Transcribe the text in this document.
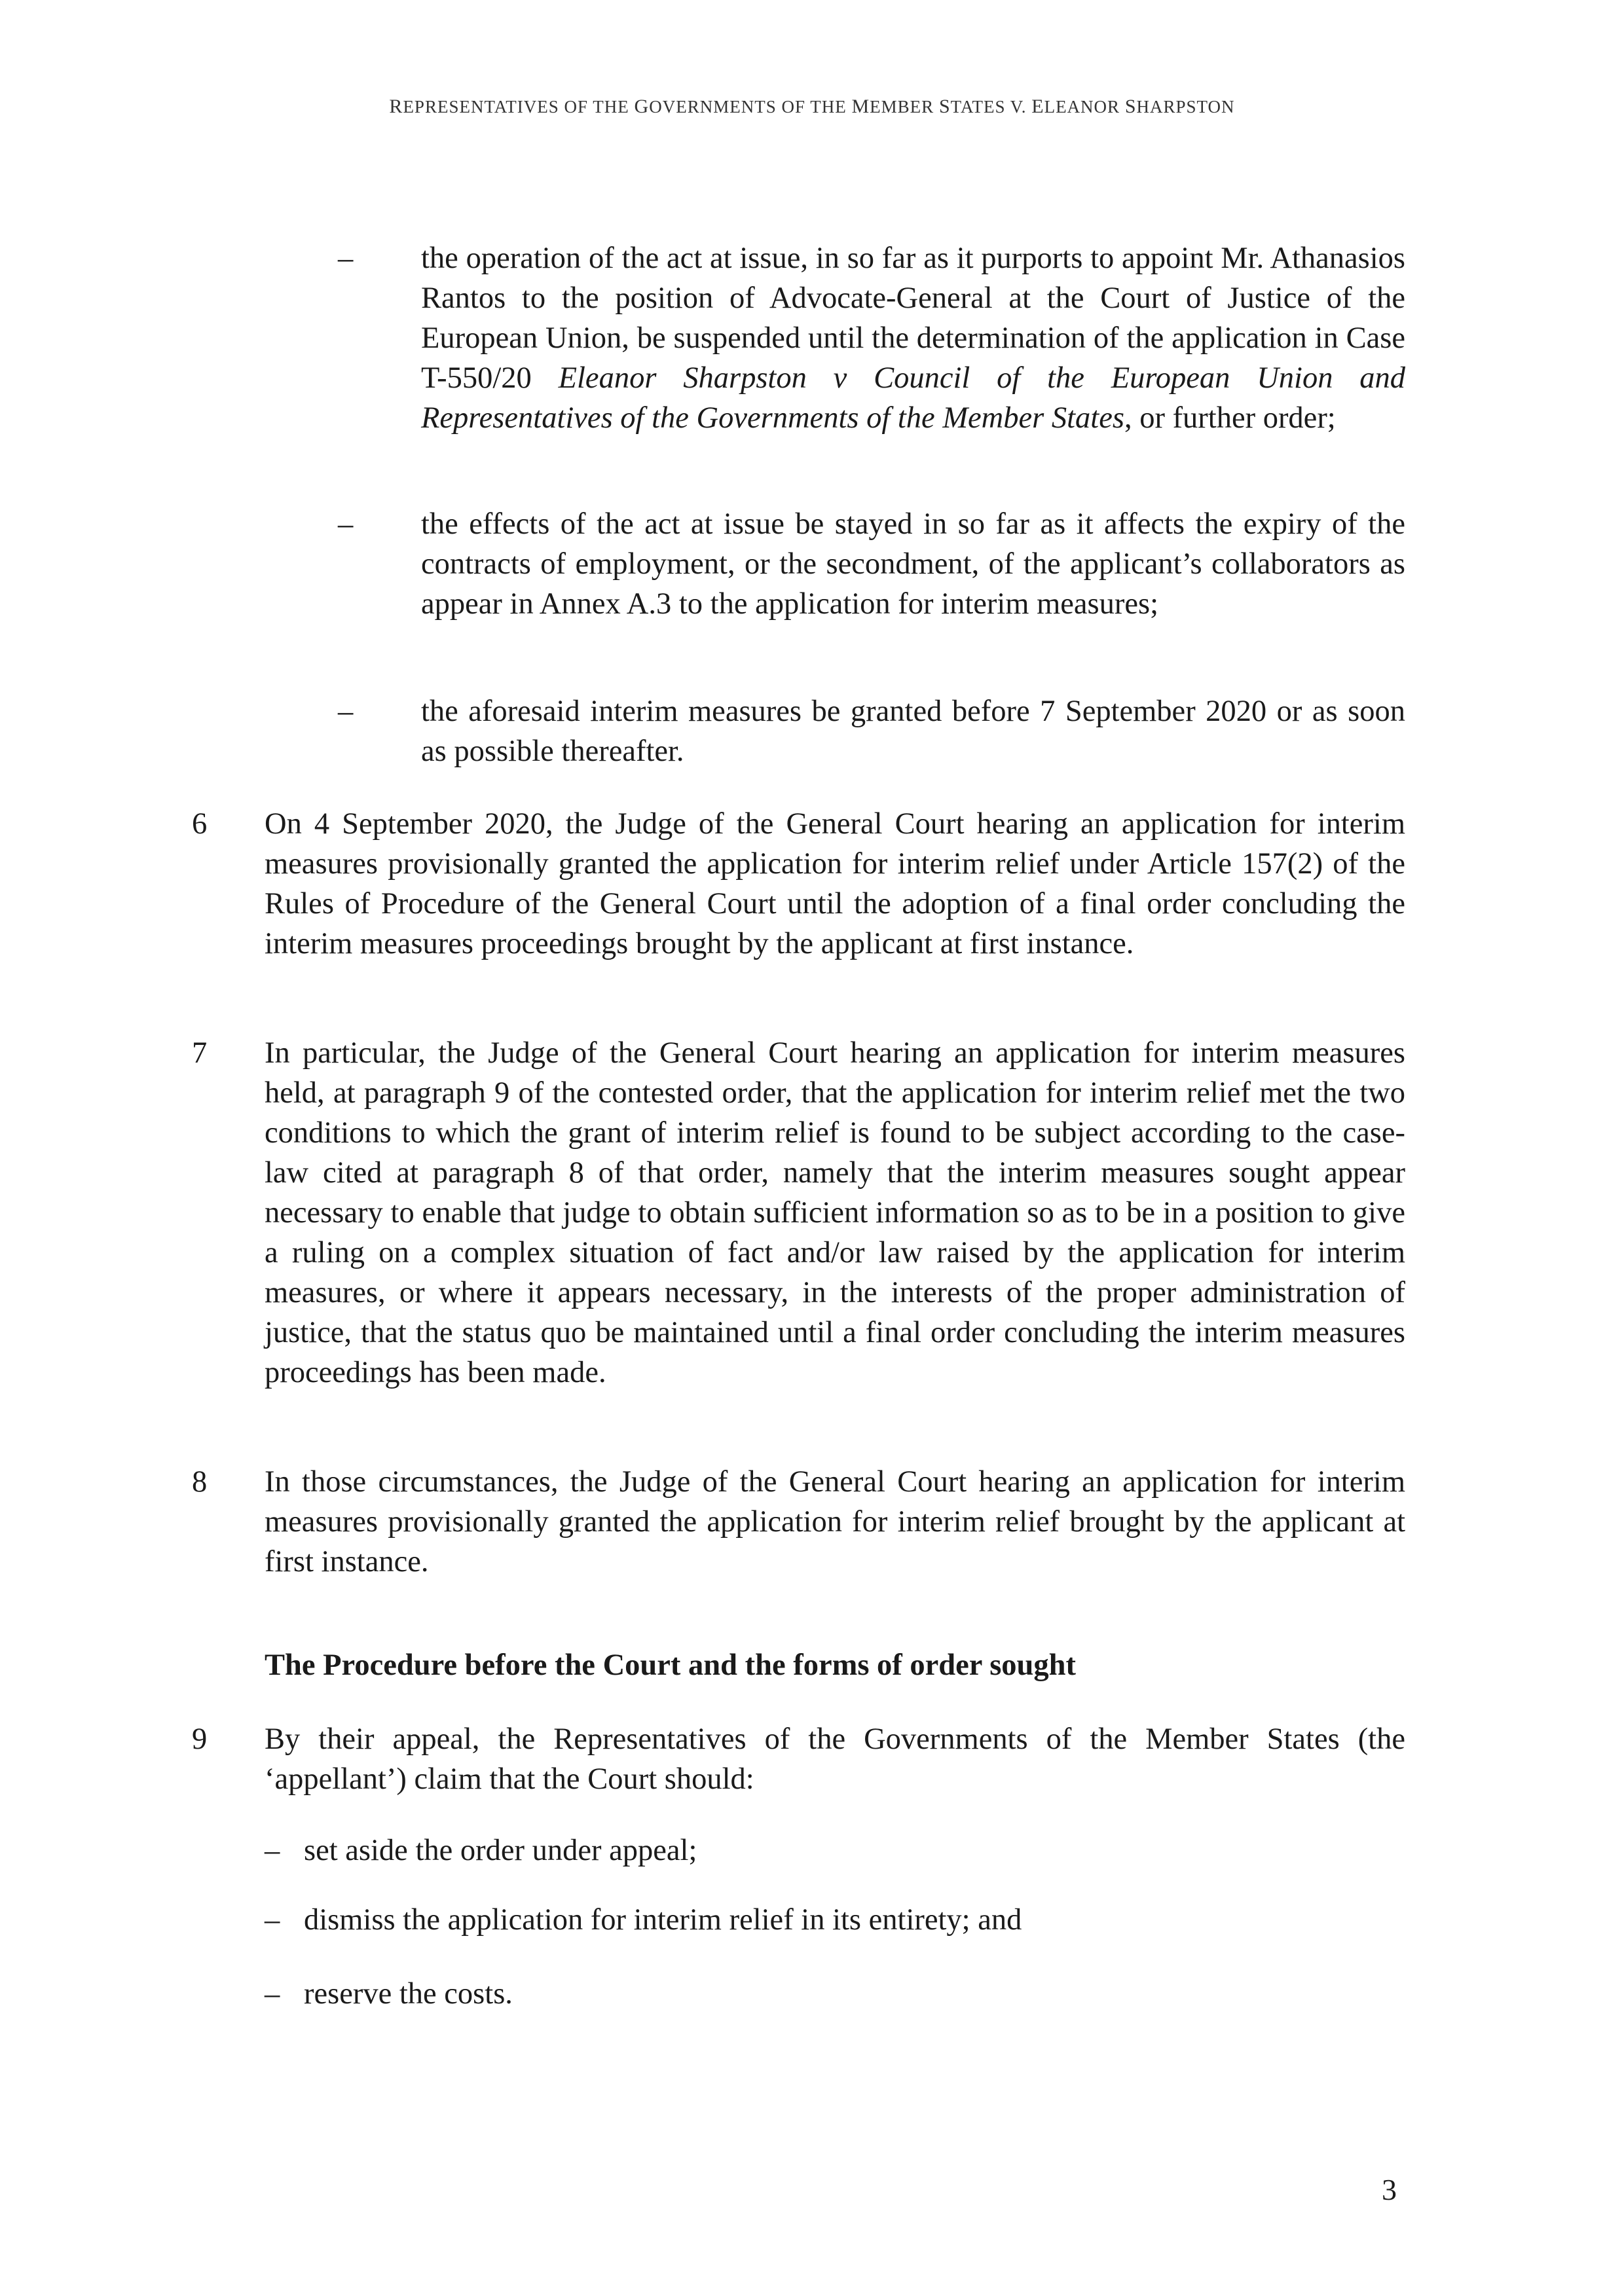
REPRESENTATIVES OF THE GOVERNMENTS OF THE MEMBER STATES V. ELEANOR SHARPSTON
– the operation of the act at issue, in so far as it purports to appoint Mr. Athanasios Rantos to the position of Advocate-General at the Court of Justice of the European Union, be suspended until the determination of the application in Case T-550/20 Eleanor Sharpston v Council of the European Union and Representatives of the Governments of the Member States, or further order;
– the effects of the act at issue be stayed in so far as it affects the expiry of the contracts of employment, or the secondment, of the applicant’s collaborators as appear in Annex A.3 to the application for interim measures;
– the aforesaid interim measures be granted before 7 September 2020 or as soon as possible thereafter.
6 On 4 September 2020, the Judge of the General Court hearing an application for interim measures provisionally granted the application for interim relief under Article 157(2) of the Rules of Procedure of the General Court until the adoption of a final order concluding the interim measures proceedings brought by the applicant at first instance.
7 In particular, the Judge of the General Court hearing an application for interim measures held, at paragraph 9 of the contested order, that the application for interim relief met the two conditions to which the grant of interim relief is found to be subject according to the case-law cited at paragraph 8 of that order, namely that the interim measures sought appear necessary to enable that judge to obtain sufficient information so as to be in a position to give a ruling on a complex situation of fact and/or law raised by the application for interim measures, or where it appears necessary, in the interests of the proper administration of justice, that the status quo be maintained until a final order concluding the interim measures proceedings has been made.
8 In those circumstances, the Judge of the General Court hearing an application for interim measures provisionally granted the application for interim relief brought by the applicant at first instance.
The Procedure before the Court and the forms of order sought
9 By their appeal, the Representatives of the Governments of the Member States (the ‘appellant’) claim that the Court should:
– set aside the order under appeal;
– dismiss the application for interim relief in its entirety; and
– reserve the costs.
3
